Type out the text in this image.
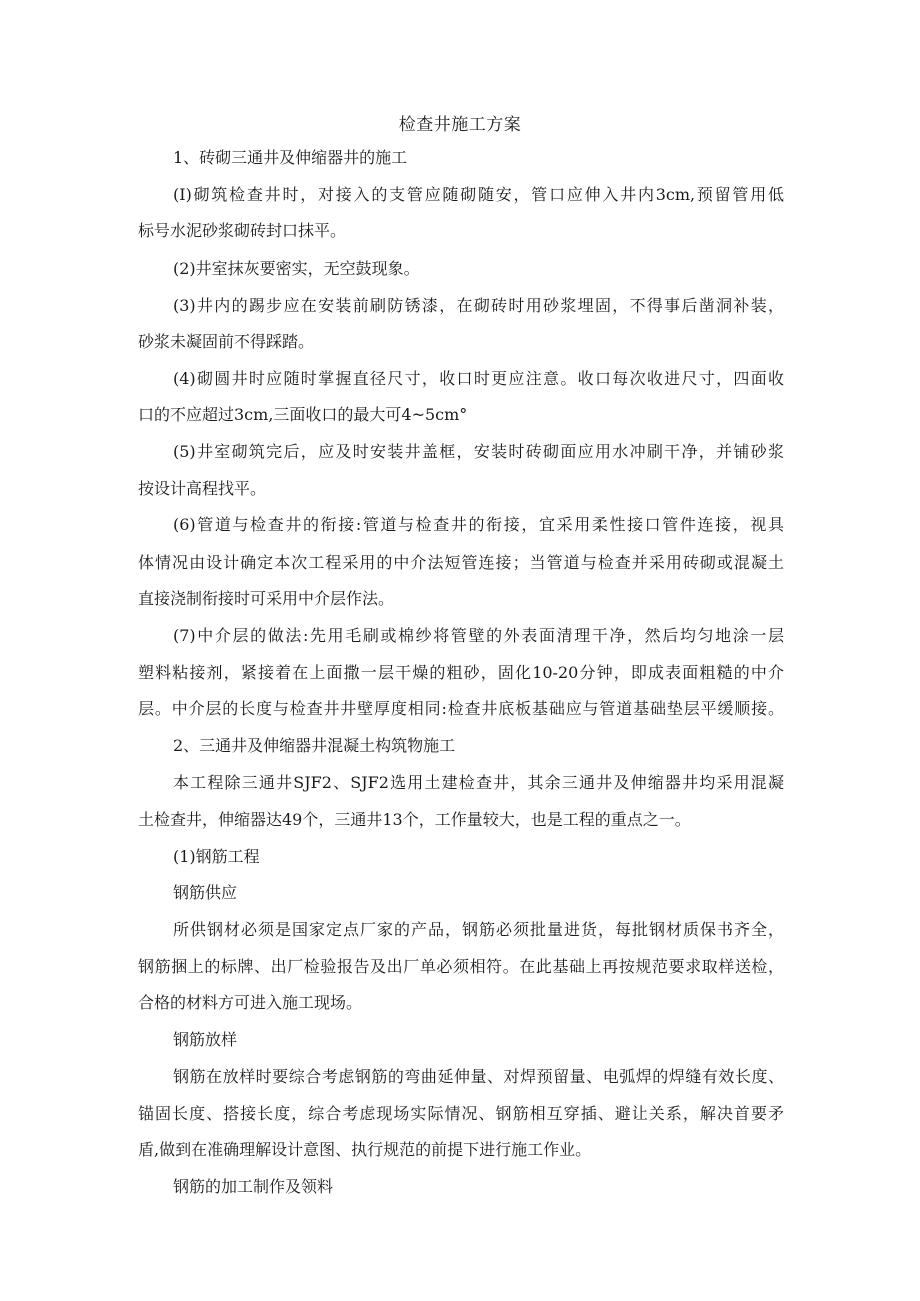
检查井施工方案
1、砖砌三通井及伸缩器井的施工
(I)砌筑检查井时，对接入的支管应随砌随安，管口应伸入井内3cm,预留管用低
标号水泥砂浆砌砖封口抹平。
(2)井室抹灰要密实，无空鼓现象。
(3)井内的踢步应在安装前刷防锈漆，在砌砖时用砂浆埋固，不得事后凿洞补装，
砂浆未凝固前不得踩踏。
(4)砌圆井时应随时掌握直径尺寸，收口时更应注意。收口每次收进尺寸，四面收
口的不应超过3cm,三面收口的最大可4~5cm°
(5)井室砌筑完后，应及时安装井盖框，安装时砖砌面应用水冲刷干净，并铺砂浆
按设计高程找平。
(6)管道与检查井的衔接:管道与检查井的衔接，宜采用柔性接口管件连接，视具
体情况由设计确定本次工程采用的中介法短管连接；当管道与检查并采用砖砌或混凝土
直接浇制衔接时可采用中介层作法。
(7)中介层的做法:先用毛刷或棉纱将管壁的外表面清理干净，然后均匀地涂一层
塑料粘接剂，紧接着在上面撒一层干燥的粗砂，固化10-20分钟，即成表面粗糙的中介
层。中介层的长度与检查井井壁厚度相同:检查井底板基础应与管道基础垫层平缓顺接。
2、三通井及伸缩器井混凝土构筑物施工
本工程除三通井SJF2、SJF2选用土建检查井，其余三通井及伸缩器井均采用混凝
土检查井，伸缩器达49个，三通井13个，工作量较大，也是工程的重点之一。
(1)钢筋工程
钢筋供应
所供钢材必须是国家定点厂家的产品，钢筋必须批量进货，每批钢材质保书齐全，
钢筋捆上的标牌、出厂检验报告及出厂单必须相符。在此基础上再按规范要求取样送检，
合格的材料方可进入施工现场。
钢筋放样
钢筋在放样时要综合考虑钢筋的弯曲延伸量、对焊预留量、电弧焊的焊缝有效长度、
锚固长度、搭接长度，综合考虑现场实际情况、钢筋相互穿插、避让关系，解决首要矛
盾,做到在准确理解设计意图、执行规范的前提下进行施工作业。
钢筋的加工制作及领料
